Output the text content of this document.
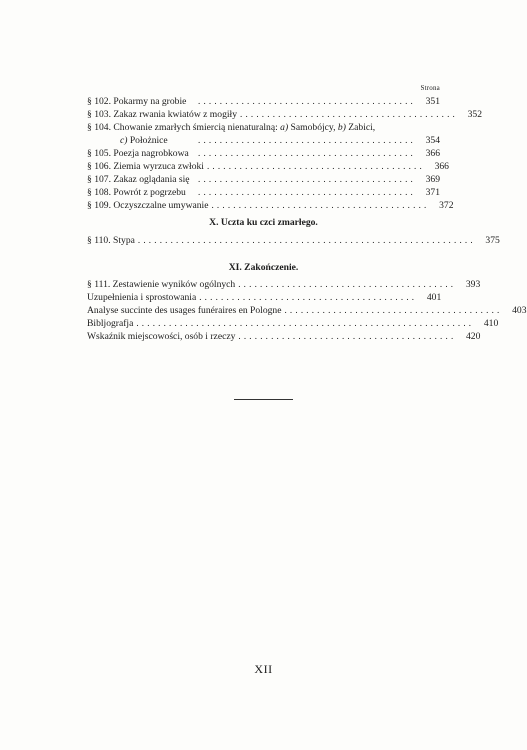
Strona
§ 102. Pokarmy na grobie	........................................	351
§ 103. Zakaz rwania kwiatów z mogiły ........................................	352
§ 104. Chowanie zmarłych śmiercią nienaturalną: a) Samobójcy, b) Zabici,
c) Położnice	........................................	354
§ 105. Poezja nagrobkowa	........................................	366
§ 106. Ziemia wyrzuca zwłoki ........................................	366
§ 107. Zakaz oglądania się ........................................	369
§ 108. Powrót z pogrzebu	........................................	371
§ 109. Oczyszczalne umywanie ........................................	372
X. Uczta ku czci zmarłego.
§ 110. Stypa ..............................................................	375
XI. Zakończenie.
§ 111. Zestawienie wyników ogólnych ........................................	393
Uzupełnienia i sprostowania ........................................	401
Analyse succinte des usages funéraires en Pologne ........................................	403
Bibljografja ..............................................................	410
Wskaźnik miejscowości, osób i rzeczy ........................................	420
XII
